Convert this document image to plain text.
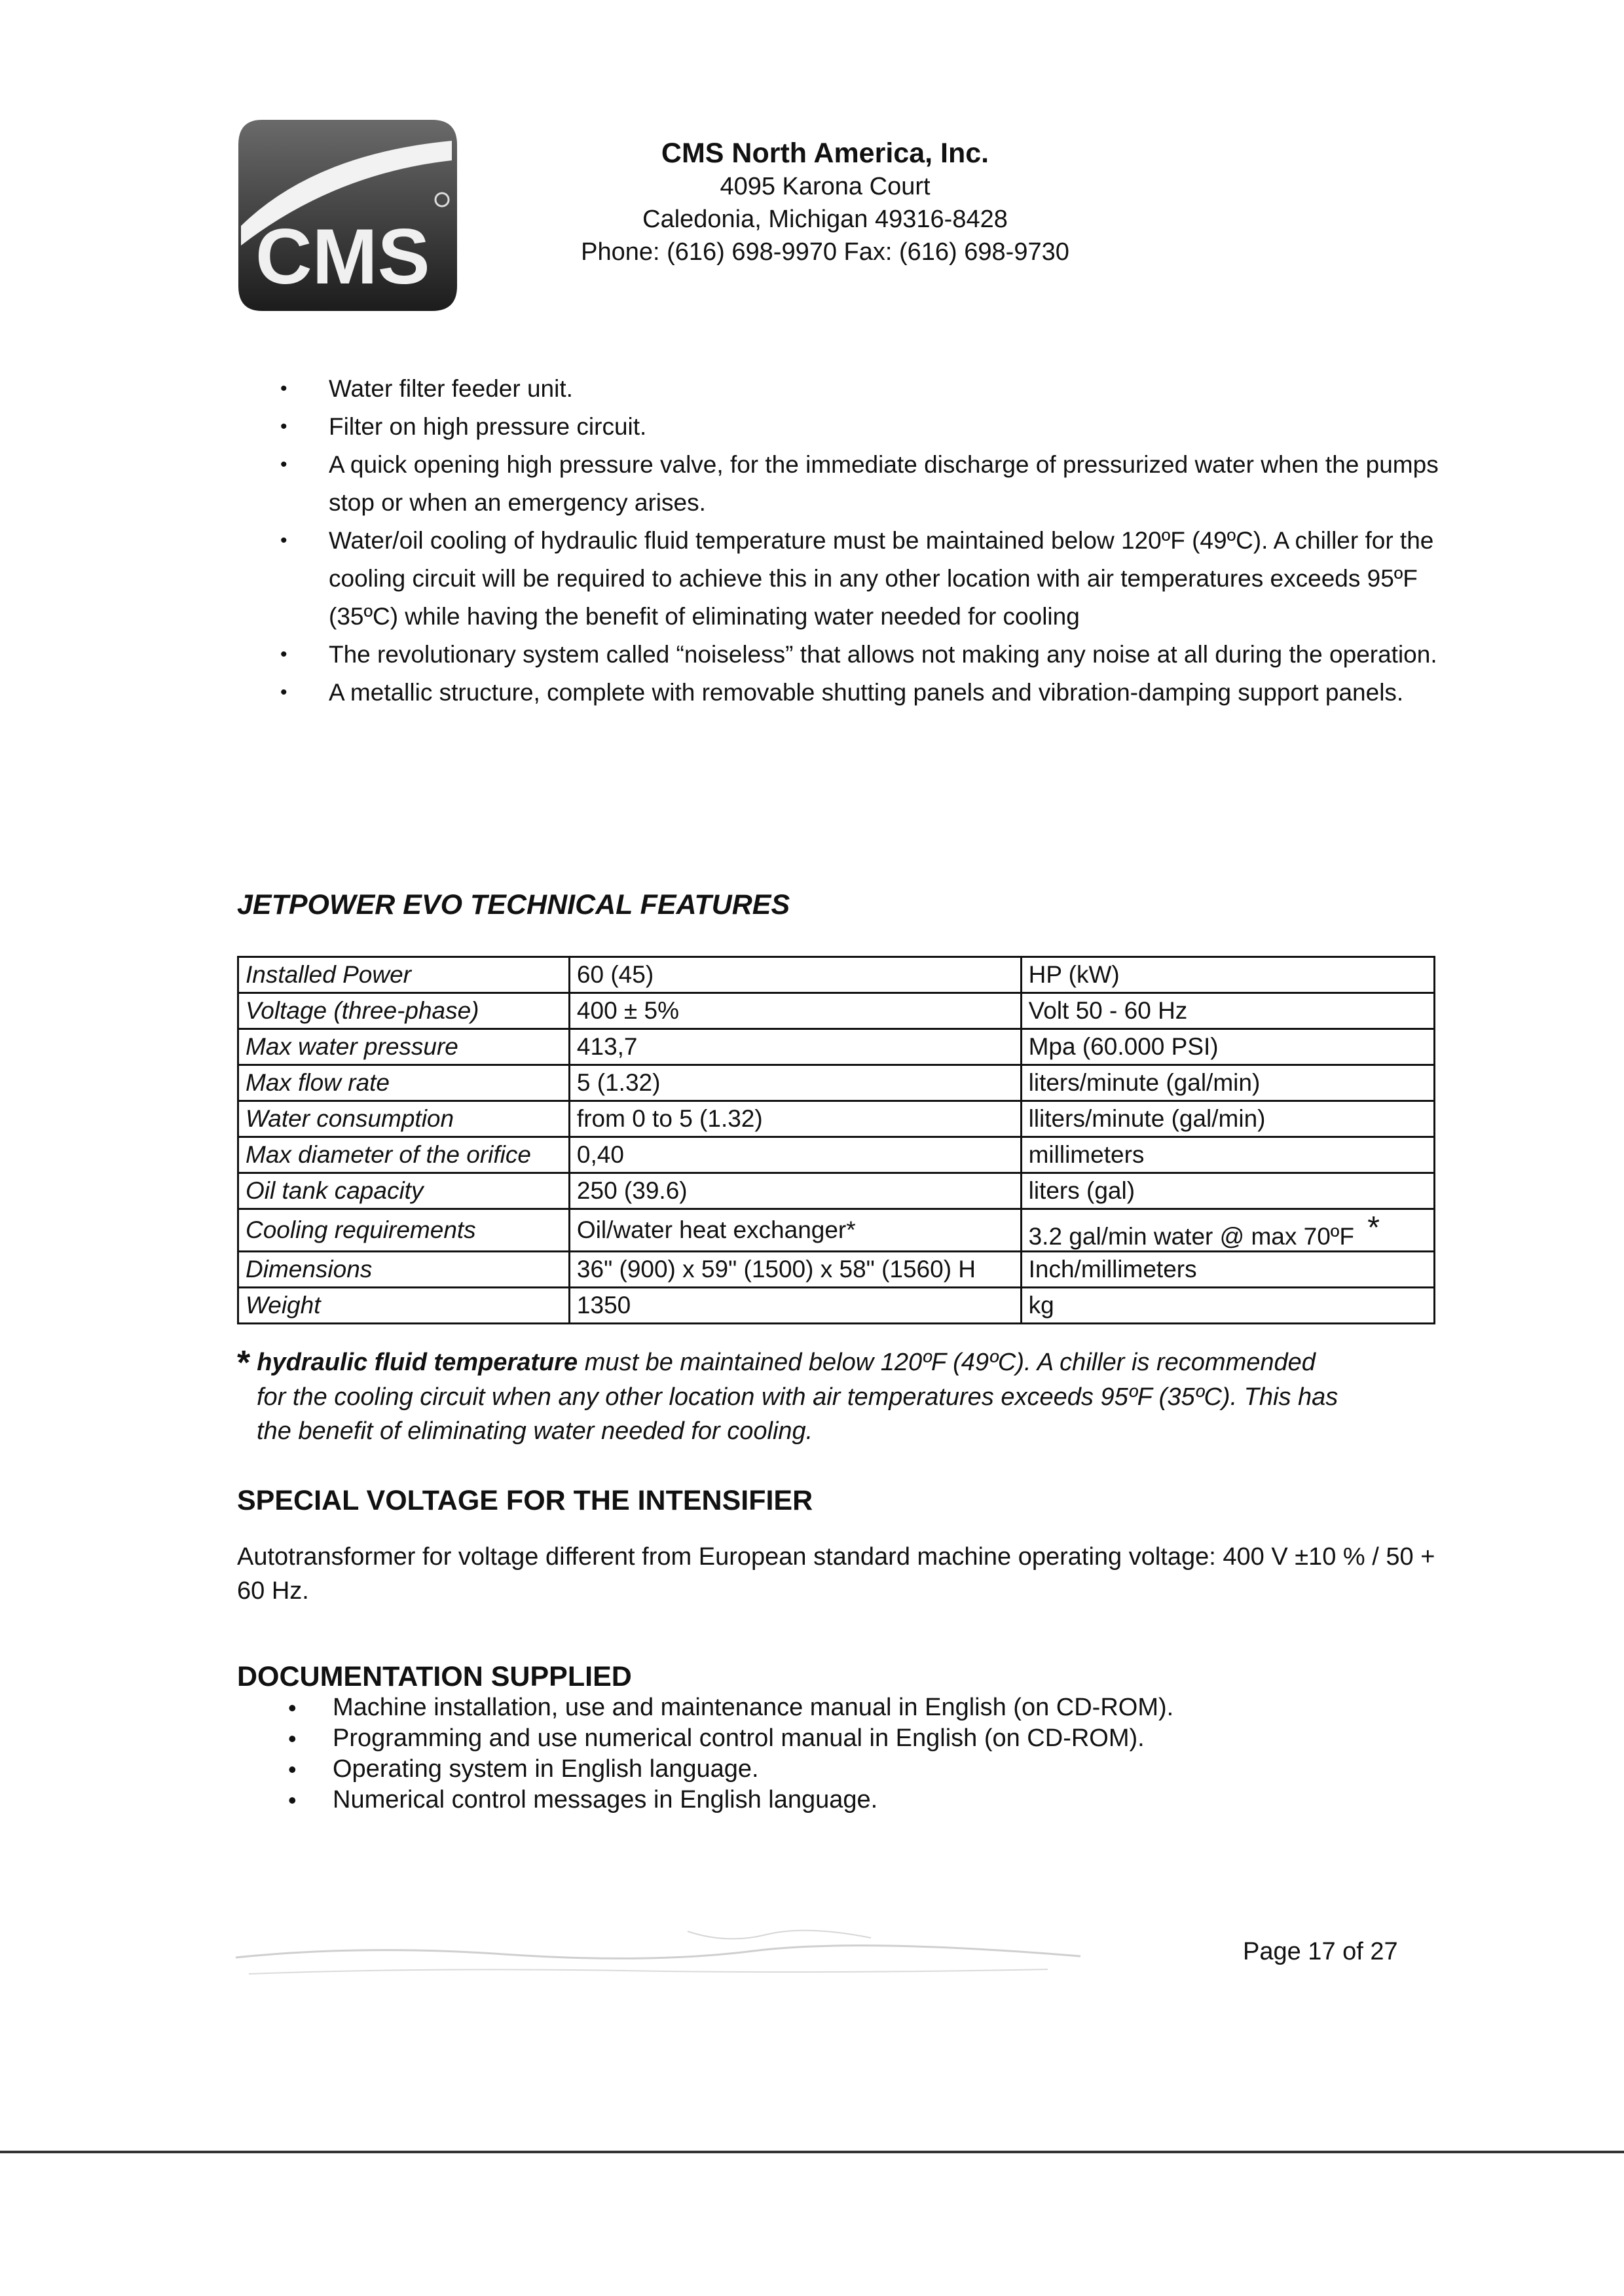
CMS
CMS North America, Inc.
4095 Karona Court
Caledonia, Michigan 49316-8428
Phone: (616) 698-9970 Fax: (616) 698-9730
• Water filter feeder unit.
• Filter on high pressure circuit.
• A quick opening high pressure valve, for the immediate discharge of pressurized water when the pumps stop or when an emergency arises.
• Water/oil cooling of hydraulic fluid temperature must be maintained below 120ºF (49ºC). A chiller for the cooling circuit will be required to achieve this in any other location with air temperatures exceeds 95ºF (35ºC) while having the benefit of eliminating water needed for cooling
• The revolutionary system called “noiseless” that allows not making any noise at all during the operation.
• A metallic structure, complete with removable shutting panels and vibration-damping support panels.
JETPOWER EVO TECHNICAL FEATURES
Installed Power	60 (45)	HP (kW)
Voltage (three-phase)	400 ± 5%	Volt 50 - 60 Hz
Max water pressure	413,7	Mpa (60.000 PSI)
Max flow rate	5 (1.32)	liters/minute (gal/min)
Water consumption	from 0 to 5 (1.32)	lliters/minute (gal/min)
Max diameter of the orifice	0,40	millimeters
Oil tank capacity	250 (39.6)	liters (gal)
Cooling requirements	Oil/water heat exchanger*	3.2 gal/min water @ max 70ºF *
Dimensions	36" (900) x 59" (1500) x 58" (1560) H	Inch/millimeters
Weight	1350	kg
* hydraulic fluid temperature must be maintained below 120ºF (49ºC). A chiller is recommended
for the cooling circuit when any other location with air temperatures exceeds 95ºF (35ºC). This has
the benefit of eliminating water needed for cooling.
SPECIAL VOLTAGE FOR THE INTENSIFIER
Autotransformer for voltage different from European standard machine operating voltage: 400 V ±10 % / 50 + 60 Hz.
DOCUMENTATION SUPPLIED
• Machine installation, use and maintenance manual in English (on CD-ROM).
• Programming and use numerical control manual in English (on CD-ROM).
• Operating system in English language.
• Numerical control messages in English language.
Page 17 of 27
